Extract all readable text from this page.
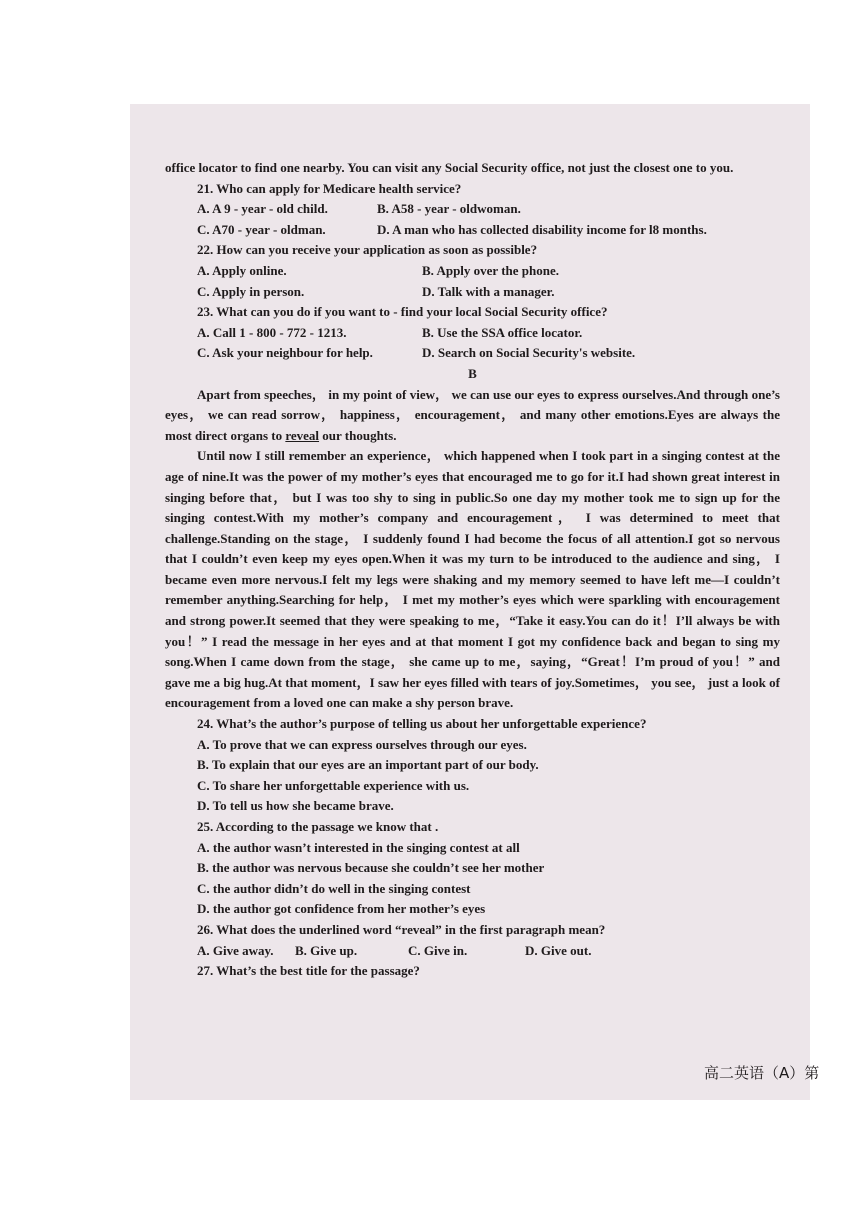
office locator to find one nearby. You can visit any Social Security office, not just the closest one to you.

21. Who can apply for Medicare health service?

A. A 9 - year - old child.	B. A58 - year - oldwoman.
C. A70 - year - oldman.	D. A man who has collected disability income for l8 months.

22. How can you receive your application as soon as possible?

A. Apply online.	B. Apply over the phone.
C. Apply in person.	D. Talk with a manager.

23. What can you do if you want to - find your local Social Security office?

A. Call 1 - 800 - 772 - 1213.	B. Use the SSA office locator.
C. Ask your neighbour for help.	D. Search on Social Security's website.

B

Apart from speeches， in my point of view， we can use our eyes to express ourselves.And through one’s eyes， we can read sorrow， happiness， encouragement， and many other emotions.Eyes are always the most direct organs to reveal our thoughts.

Until now I still remember an experience， which happened when I took part in a singing contest at the age of nine.It was the power of my mother’s eyes that encouraged me to go for it.I had shown great interest in singing before that， but I was too shy to sing in public.So one day my mother took me to sign up for the singing contest.With my mother’s company and encouragement， I was determined to meet that challenge.Standing on the stage， I suddenly found I had become the focus of all attention.I got so nervous that I couldn’t even keep my eyes open.When it was my turn to be introduced to the audience and sing， I became even more nervous.I felt my legs were shaking and my memory seemed to have left me—I couldn’t remember anything.Searching for help， I met my mother’s eyes which were sparkling with encouragement and strong power.It seemed that they were speaking to me，“Take it easy.You can do it！I’ll always be with you！” I read the message in her eyes and at that moment I got my confidence back and began to sing my song.When I came down from the stage， she came up to me，saying，“Great！I’m proud of you！” and gave me a big hug.At that moment，I saw her eyes filled with tears of joy.Sometimes， you see， just a look of encouragement from a loved one can make a shy person brave.

24. What’s the author’s purpose of telling us about her unforgettable experience?

A. To prove that we can express ourselves through our eyes.

B. To explain that our eyes are an important part of our body.

C. To share her unforgettable experience with us.

D. To tell us how she became brave.

25. According to the passage we know that .

A. the author wasn’t interested in the singing contest at all

B. the author was nervous because she couldn’t see her mother

C. the author didn’t do well in the singing contest

D. the author got confidence from her mother’s eyes

26. What does the underlined word “reveal” in the first paragraph mean?

A. Give away.	B. Give up.	C. Give in.	D. Give out.

27. What’s the best title for the passage?

高二英语（A）第
